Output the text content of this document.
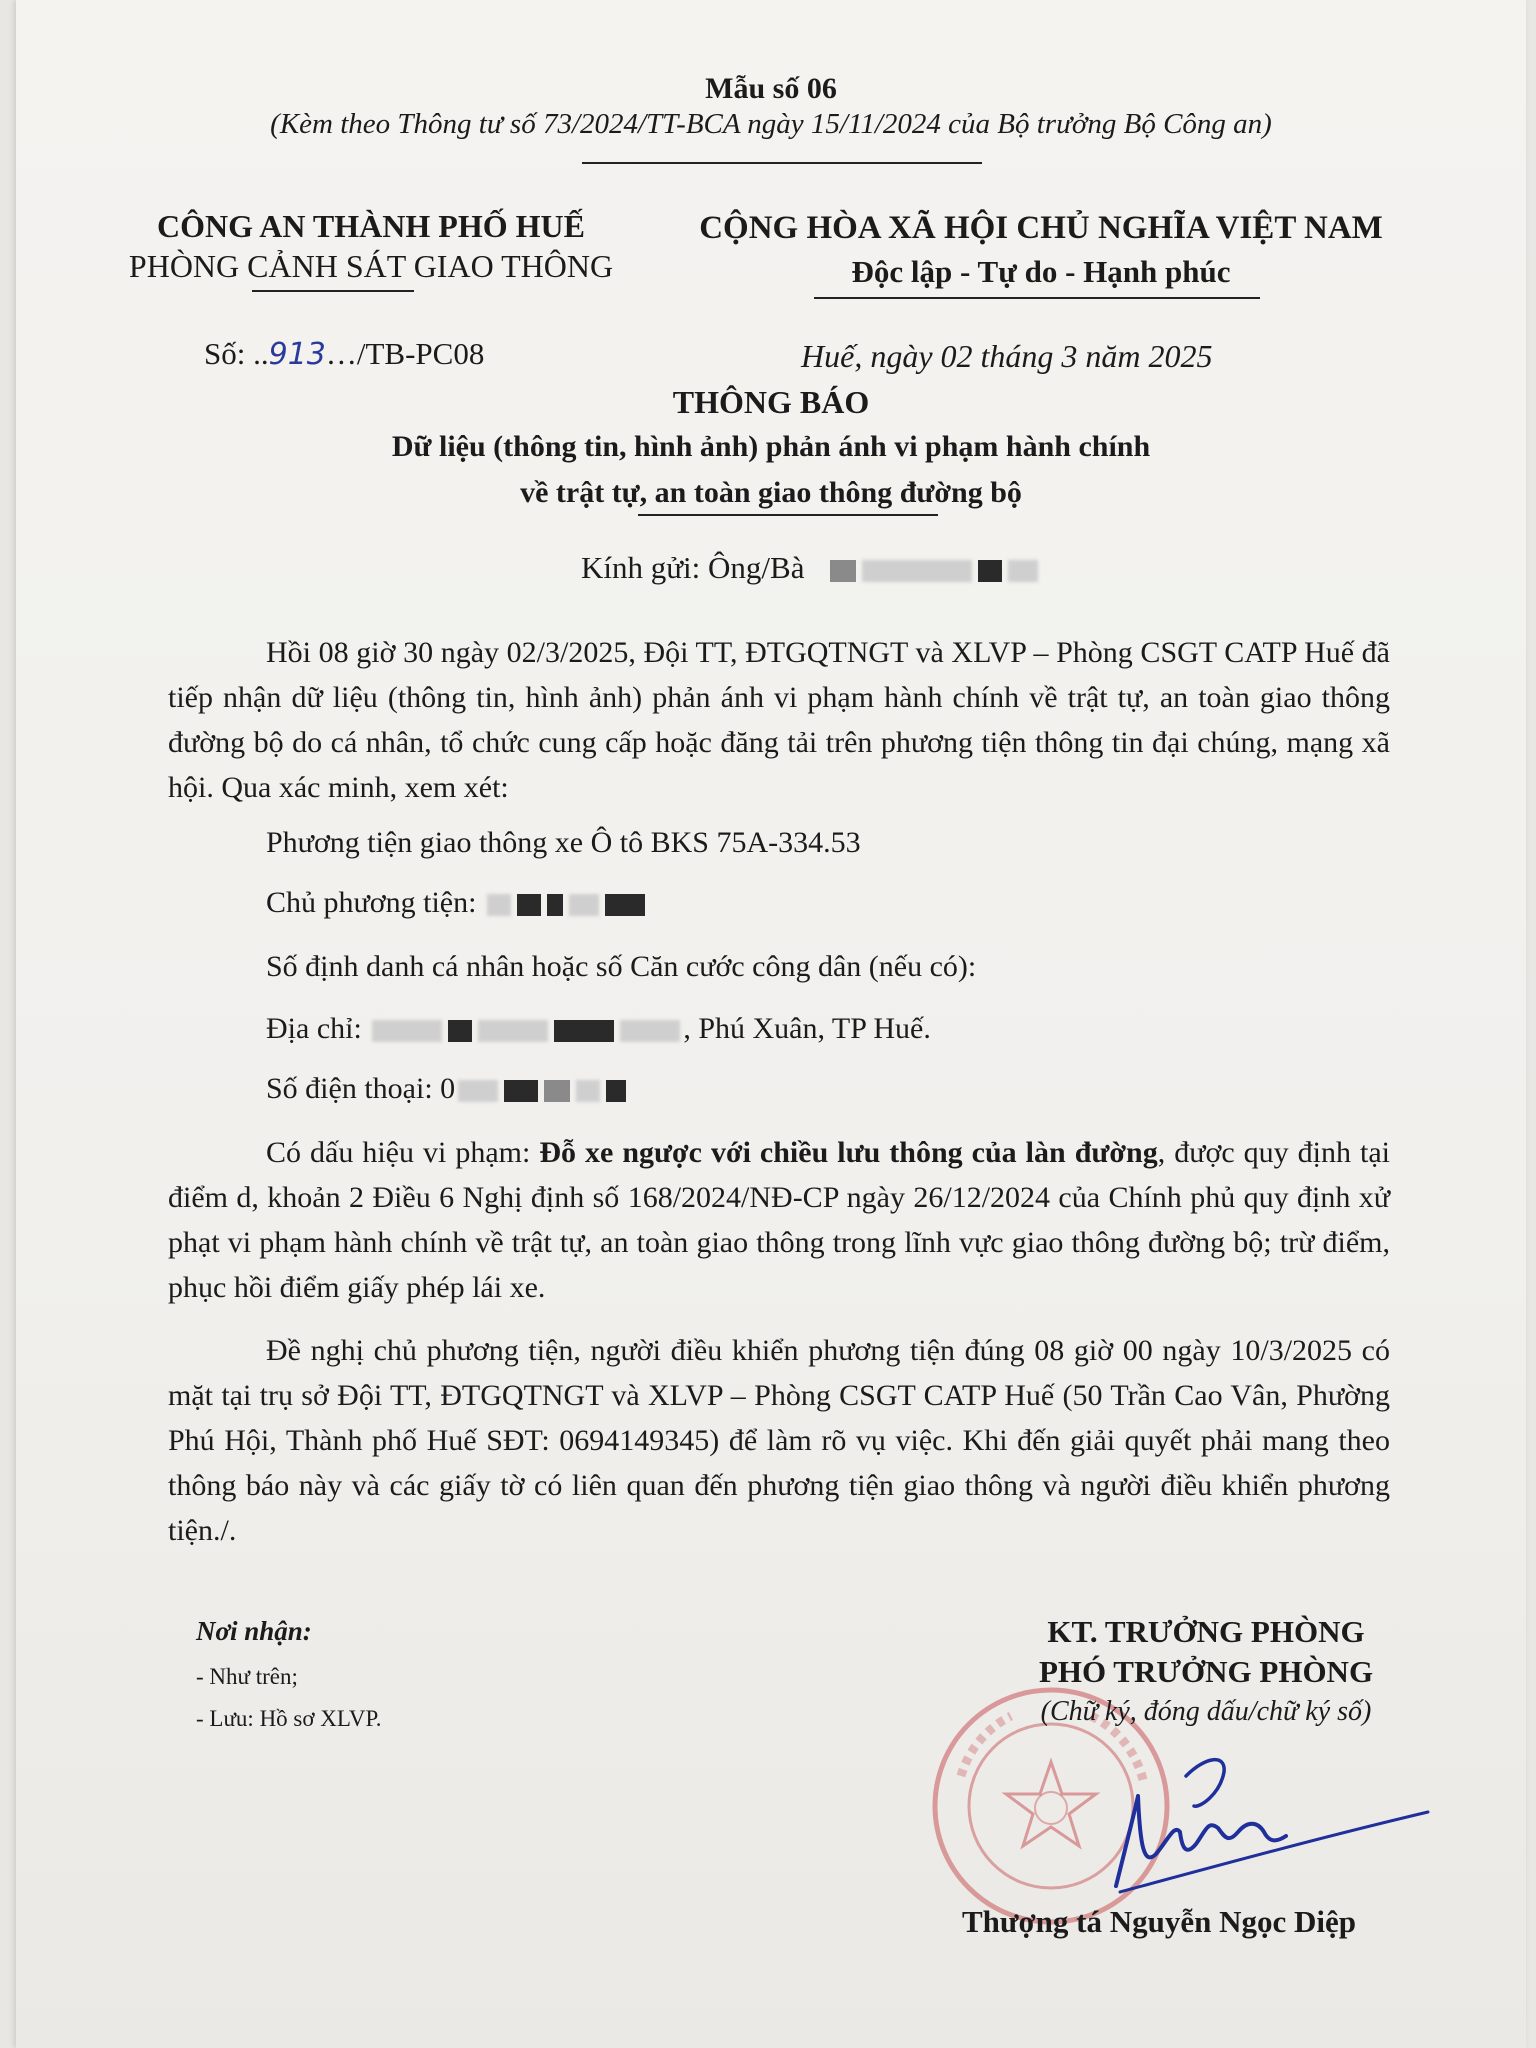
Mẫu số 06
(Kèm theo Thông tư số 73/2024/TT-BCA ngày 15/11/2024 của Bộ trưởng Bộ Công an)
CÔNG AN THÀNH PHỐ HUẾ
PHÒNG CẢNH SÁT GIAO THÔNG
CỘNG HÒA XÃ HỘI CHỦ NGHĨA VIỆT NAM
Độc lập - Tự do - Hạnh phúc
Số: ..913…/TB-PC08	Huế, ngày 02 tháng 3 năm 2025
THÔNG BÁO
Dữ liệu (thông tin, hình ảnh) phản ánh vi phạm hành chính
về trật tự, an toàn giao thông đường bộ
Kính gửi: Ông/Bà
Hồi 08 giờ 30 ngày 02/3/2025, Đội TT, ĐTGQTNGT và XLVP – Phòng CSGT CATP Huế đã tiếp nhận dữ liệu (thông tin, hình ảnh) phản ánh vi phạm hành chính về trật tự, an toàn giao thông đường bộ do cá nhân, tổ chức cung cấp hoặc đăng tải trên phương tiện thông tin đại chúng, mạng xã hội. Qua xác minh, xem xét:
Phương tiện giao thông xe Ô tô BKS 75A-334.53
Chủ phương tiện:
Số định danh cá nhân hoặc số Căn cước công dân (nếu có):
Địa chỉ:	, Phú Xuân, TP Huế.
Số điện thoại: 0
Có dấu hiệu vi phạm: Đỗ xe ngược với chiều lưu thông của làn đường, được quy định tại điểm d, khoản 2 Điều 6 Nghị định số 168/2024/NĐ-CP ngày 26/12/2024 của Chính phủ quy định xử phạt vi phạm hành chính về trật tự, an toàn giao thông trong lĩnh vực giao thông đường bộ; trừ điểm, phục hồi điểm giấy phép lái xe.
Đề nghị chủ phương tiện, người điều khiển phương tiện đúng 08 giờ 00 ngày 10/3/2025 có mặt tại trụ sở Đội TT, ĐTGQTNGT và XLVP – Phòng CSGT CATP Huế (50 Trần Cao Vân, Phường Phú Hội, Thành phố Huế SĐT: 0694149345) để làm rõ vụ việc. Khi đến giải quyết phải mang theo thông báo này và các giấy tờ có liên quan đến phương tiện giao thông và người điều khiển phương tiện./.
Nơi nhận:
- Như trên;
- Lưu: Hồ sơ XLVP.
KT. TRƯỞNG PHÒNG
PHÓ TRƯỞNG PHÒNG
(Chữ ký, đóng dấu/chữ ký số)
Thượng tá Nguyễn Ngọc Diệp
